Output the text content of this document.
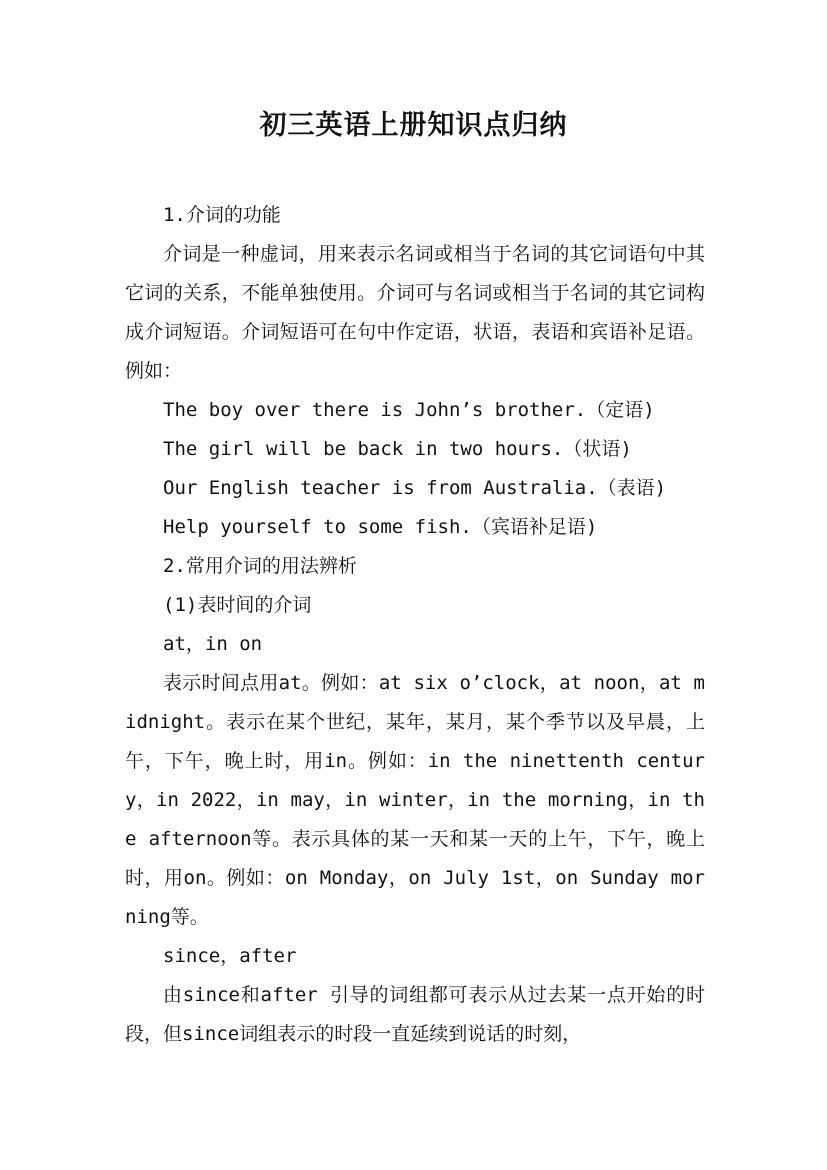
初三英语上册知识点归纳

1.介词的功能

介词是一种虚词，用来表示名词或相当于名词的其它词语句中其它词的关系，不能单独使用。介词可与名词或相当于名词的其它词构成介词短语。介词短语可在句中作定语，状语，表语和宾语补足语。例如：

The boy over there is John’s brother.（定语)

The girl will be back in two hours.（状语)

Our English teacher is from Australia.（表语)

Help yourself to some fish.（宾语补足语)

2.常用介词的用法辨析

(1)表时间的介词

at，in on

表示时间点用at。例如：at six o’clock，at noon，at midnight。表示在某个世纪，某年，某月，某个季节以及早晨，上午，下午，晚上时，用in。例如：in the ninettenth century，in 2022，in may，in winter，in the morning，in the afternoon等。表示具体的某一天和某一天的上午，下午，晚上时，用on。例如：on Monday，on July 1st，on Sunday morning等。

since，after

由since和after 引导的词组都可表示从过去某一点开始的时段，但since词组表示的时段一直延续到说话的时刻，
